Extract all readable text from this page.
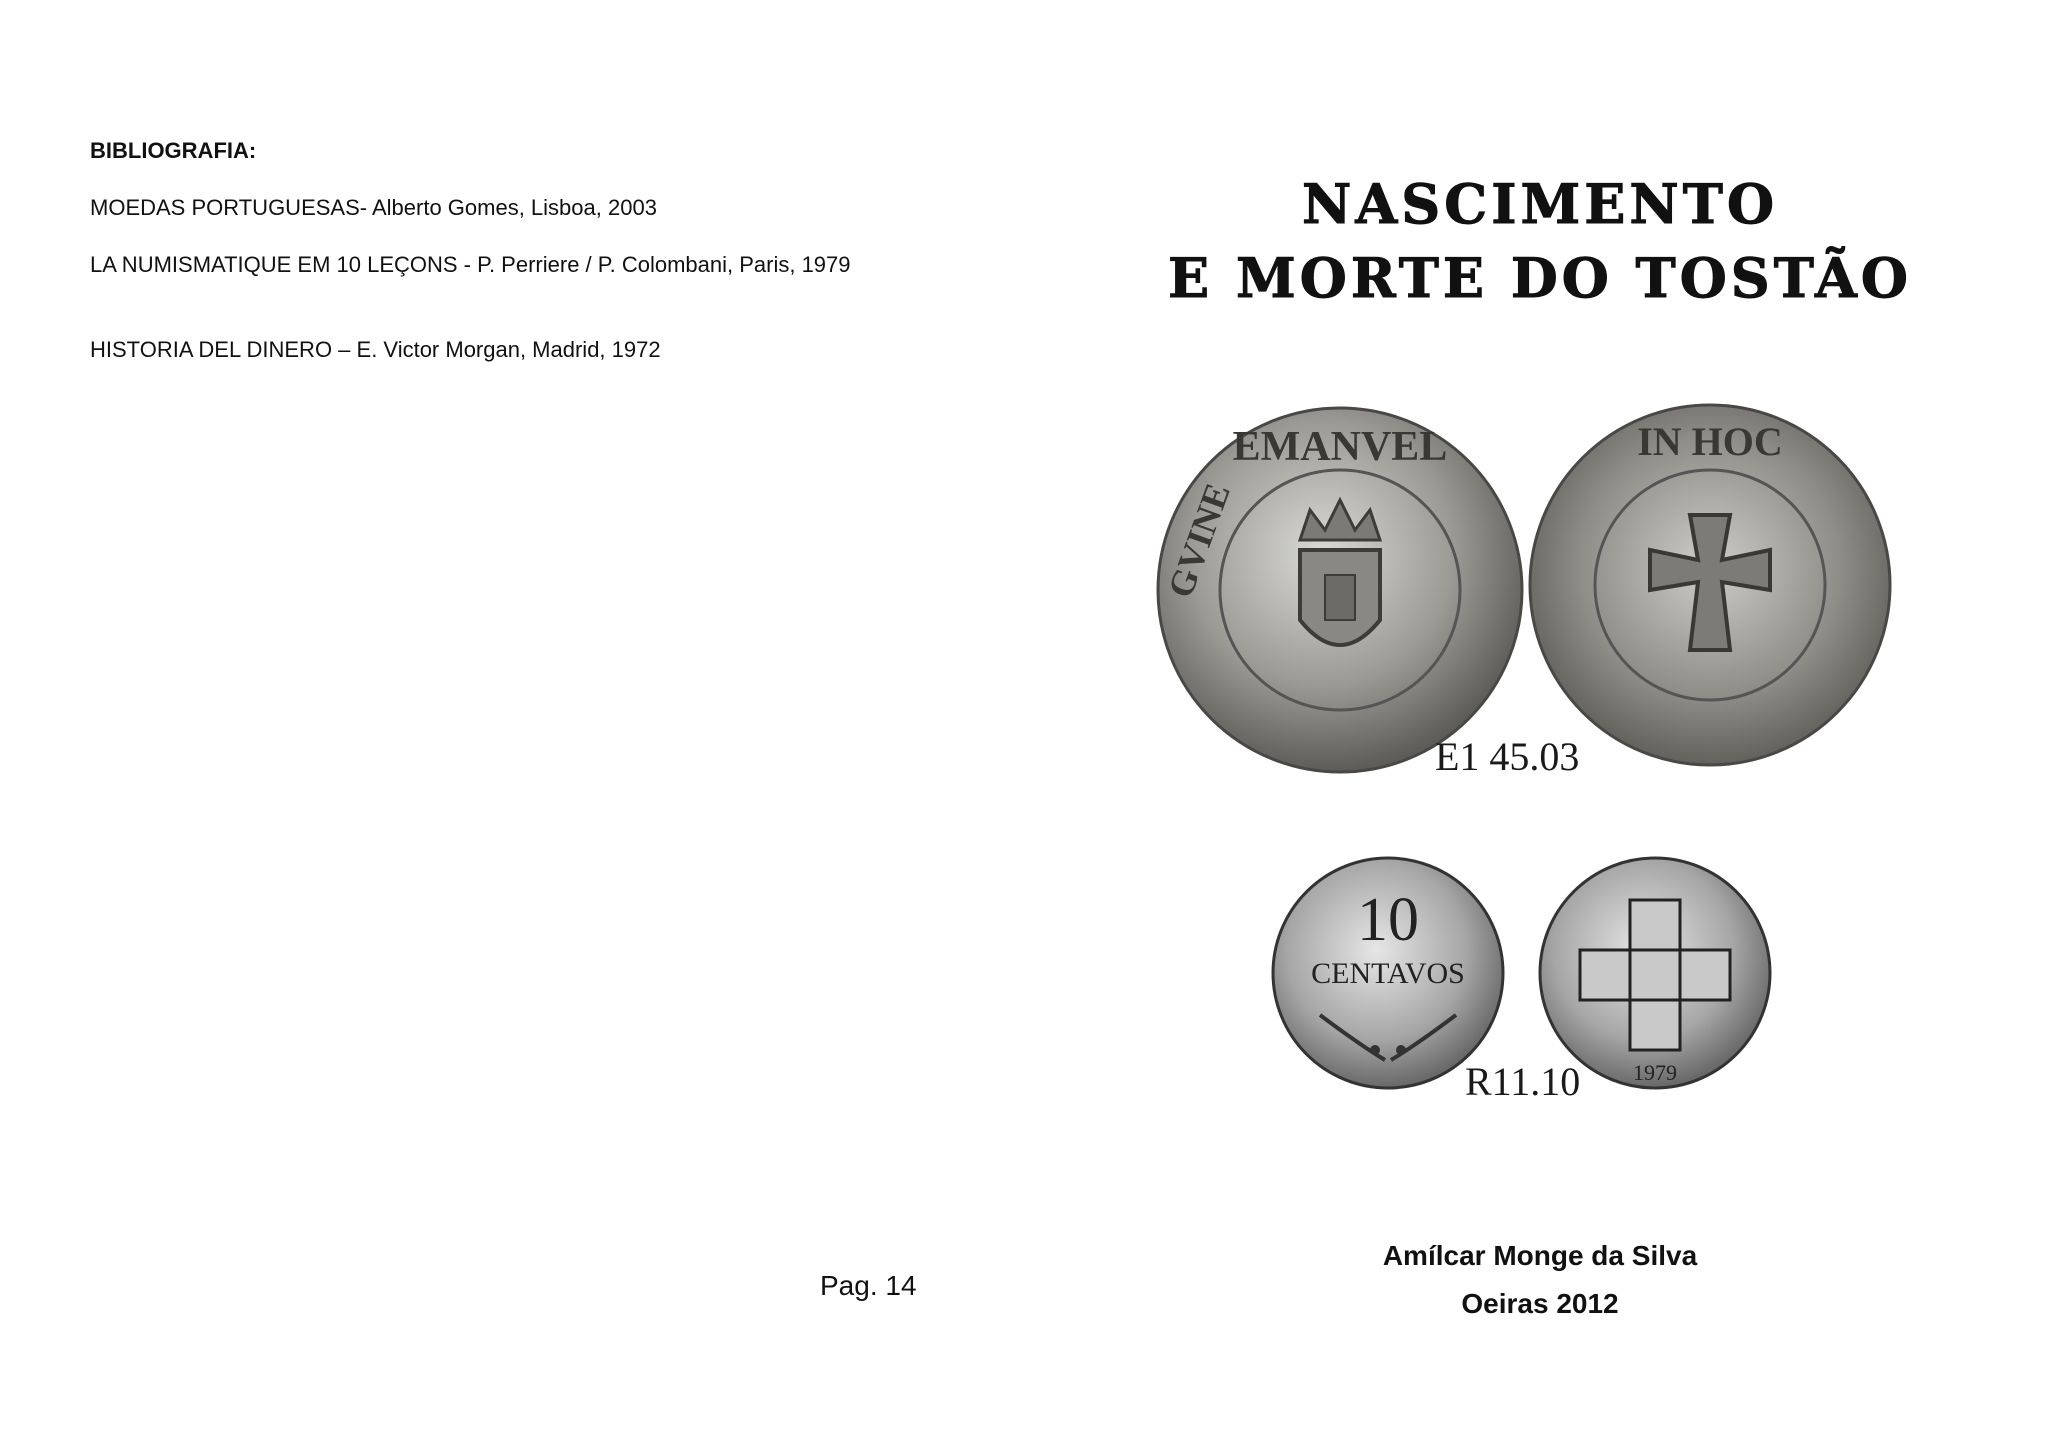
BIBLIOGRAFIA:
MOEDAS PORTUGUESAS- Alberto Gomes, Lisboa, 2003
LA NUMISMATIQUE EM 10 LEÇONS - P. Perriere / P. Colombani, Paris, 1979
HISTORIA DEL DINERO – E. Victor Morgan, Madrid, 1972
Pag. 14
NASCIMENTO
E MORTE DO TOSTÃO
EMANVEL
GVINE
IN HOC
E1 45.03
10
CENTAVOS
1979
R11.10
Amílcar Monge da Silva
Oeiras 2012
